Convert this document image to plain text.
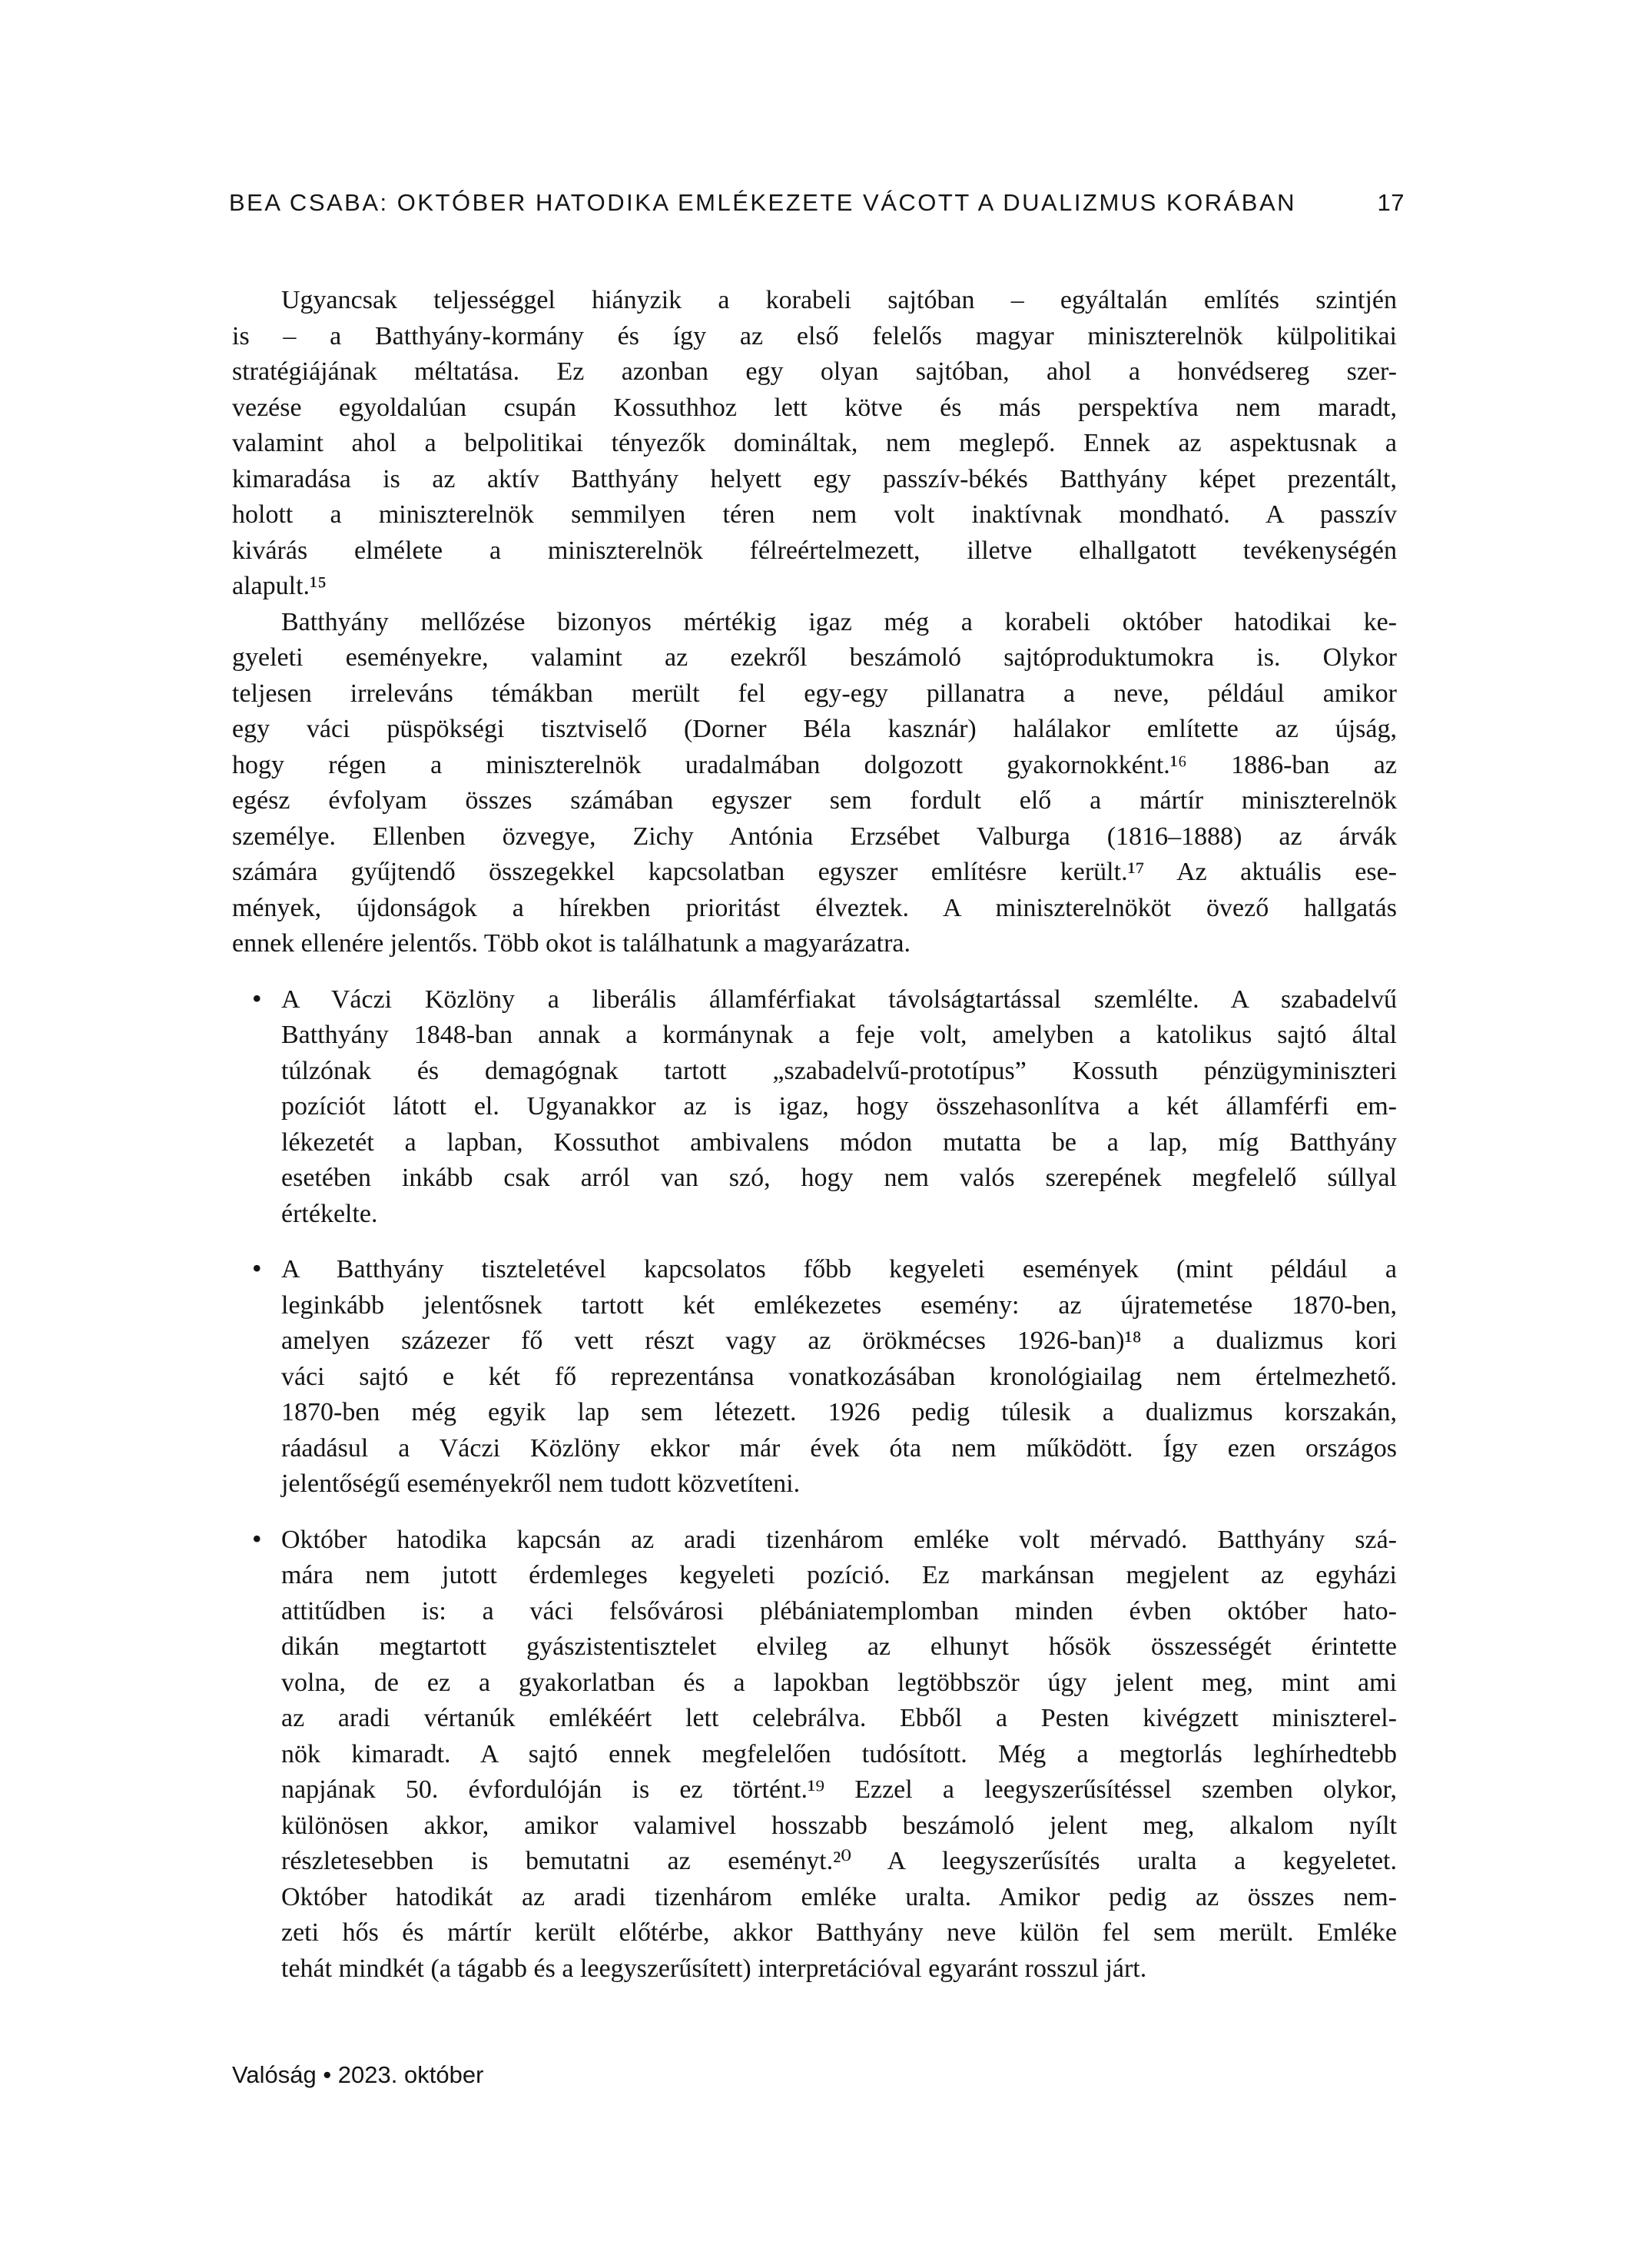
BEA CSABA: OKTÓBER HATODIKA EMLÉKEZETE VÁCOTT A DUALIZMUS KORÁBAN	17
Ugyancsak teljességgel hiányzik a korabeli sajtóban – egyáltalán említés szintjén
is – a Batthyány-kormány és így az első felelős magyar miniszterelnök külpolitikai
stratégiájának méltatása. Ez azonban egy olyan sajtóban, ahol a honvédsereg szer-
vezése egyoldalúan csupán Kossuthhoz lett kötve és más perspektíva nem maradt,
valamint ahol a belpolitikai tényezők domináltak, nem meglepő. Ennek az aspektusnak a
kimaradása is az aktív Batthyány helyett egy passzív-békés Batthyány képet prezentált,
holott a miniszterelnök semmilyen téren nem volt inaktívnak mondható. A passzív
kivárás elmélete a miniszterelnök félreértelmezett, illetve elhallgatott tevékenységén
alapult.¹⁵
Batthyány mellőzése bizonyos mértékig igaz még a korabeli október hatodikai ke-
gyeleti eseményekre, valamint az ezekről beszámoló sajtóproduktumokra is. Olykor
teljesen irreleváns témákban merült fel egy-egy pillanatra a neve, például amikor
egy váci püspökségi tisztviselő (Dorner Béla kasznár) halálakor említette az újság,
hogy régen a miniszterelnök uradalmában dolgozott gyakornokként.¹⁶ 1886-ban az
egész évfolyam összes számában egyszer sem fordult elő a mártír miniszterelnök
személye. Ellenben özvegye, Zichy Antónia Erzsébet Valburga (1816–1888) az árvák
számára gyűjtendő összegekkel kapcsolatban egyszer említésre került.¹⁷ Az aktuális ese-
mények, újdonságok a hírekben prioritást élveztek. A miniszterelnököt övező hallgatás
ennek ellenére jelentős. Több okot is találhatunk a magyarázatra.
• A Váczi Közlöny a liberális államférfiakat távolságtartással szemlélte. A szabadelvű
Batthyány 1848-ban annak a kormánynak a feje volt, amelyben a katolikus sajtó által
túlzónak és demagógnak tartott „szabadelvű-prototípus” Kossuth pénzügyminiszteri
pozíciót látott el. Ugyanakkor az is igaz, hogy összehasonlítva a két államférfi em-
lékezetét a lapban, Kossuthot ambivalens módon mutatta be a lap, míg Batthyány
esetében inkább csak arról van szó, hogy nem valós szerepének megfelelő súllyal
értékelte.
• A Batthyány tiszteletével kapcsolatos főbb kegyeleti események (mint például a
leginkább jelentősnek tartott két emlékezetes esemény: az újratemetése 1870-ben,
amelyen százezer fő vett részt vagy az örökmécses 1926-ban)¹⁸ a dualizmus kori
váci sajtó e két fő reprezentánsa vonatkozásában kronológiailag nem értelmezhető.
1870-ben még egyik lap sem létezett. 1926 pedig túlesik a dualizmus korszakán,
ráadásul a Váczi Közlöny ekkor már évek óta nem működött. Így ezen országos
jelentőségű eseményekről nem tudott közvetíteni.
• Október hatodika kapcsán az aradi tizenhárom emléke volt mérvadó. Batthyány szá-
mára nem jutott érdemleges kegyeleti pozíció. Ez markánsan megjelent az egyházi
attitűdben is: a váci felsővárosi plébániatemplomban minden évben október hato-
dikán megtartott gyászistentisztelet elvileg az elhunyt hősök összességét érintette
volna, de ez a gyakorlatban és a lapokban legtöbbször úgy jelent meg, mint ami
az aradi vértanúk emlékéért lett celebrálva. Ebből a Pesten kivégzett miniszterel-
nök kimaradt. A sajtó ennek megfelelően tudósított. Még a megtorlás leghírhedtebb
napjának 50. évfordulóján is ez történt.¹⁹ Ezzel a leegyszerűsítéssel szemben olykor,
különösen akkor, amikor valamivel hosszabb beszámoló jelent meg, alkalom nyílt
részletesebben is bemutatni az eseményt.²⁰ A leegyszerűsítés uralta a kegyeletet.
Október hatodikát az aradi tizenhárom emléke uralta. Amikor pedig az összes nem-
zeti hős és mártír került előtérbe, akkor Batthyány neve külön fel sem merült. Emléke
tehát mindkét (a tágabb és a leegyszerűsített) interpretációval egyaránt rosszul járt.
Valóság • 2023. október
